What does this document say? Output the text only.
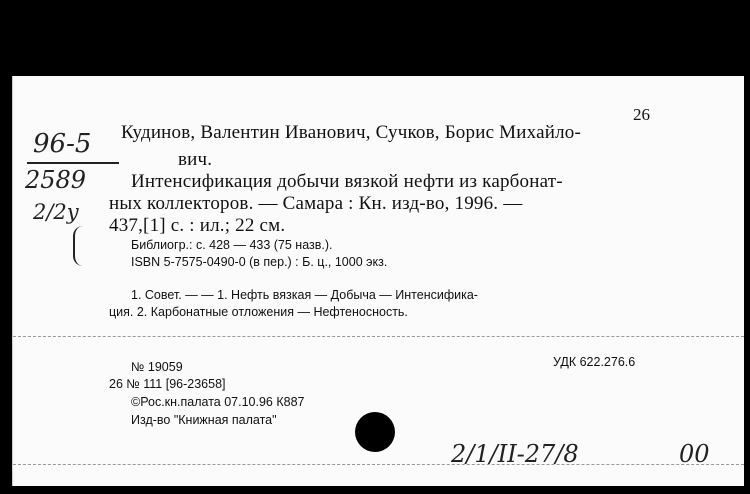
26
96-5
2589
2/2y
Кудинов, Валентин Иванович, Сучков, Борис Михайло-
вич.
Интенсификация добычи вязкой нефти из карбонат-
ных коллекторов. — Самара : Кн. изд-во, 1996. —
437,[1] с. : ил.; 22 см.
Библиогр.: с. 428 — 433 (75 назв.).
ISBN 5-7575-0490-0 (в пер.) : Б. ц., 1000 экз.
1. Совет. — — 1. Нефть вязкая — Добыча — Интенсифика-
ция. 2. Карбонатные отложения — Нефтеносность.
№ 19059	УДК 622.276.6
26 № 111 [96-23658]
©Рос.кн.палата 07.10.96 К887
Изд-во "Книжная палата"
2/1/II-27/8	00
